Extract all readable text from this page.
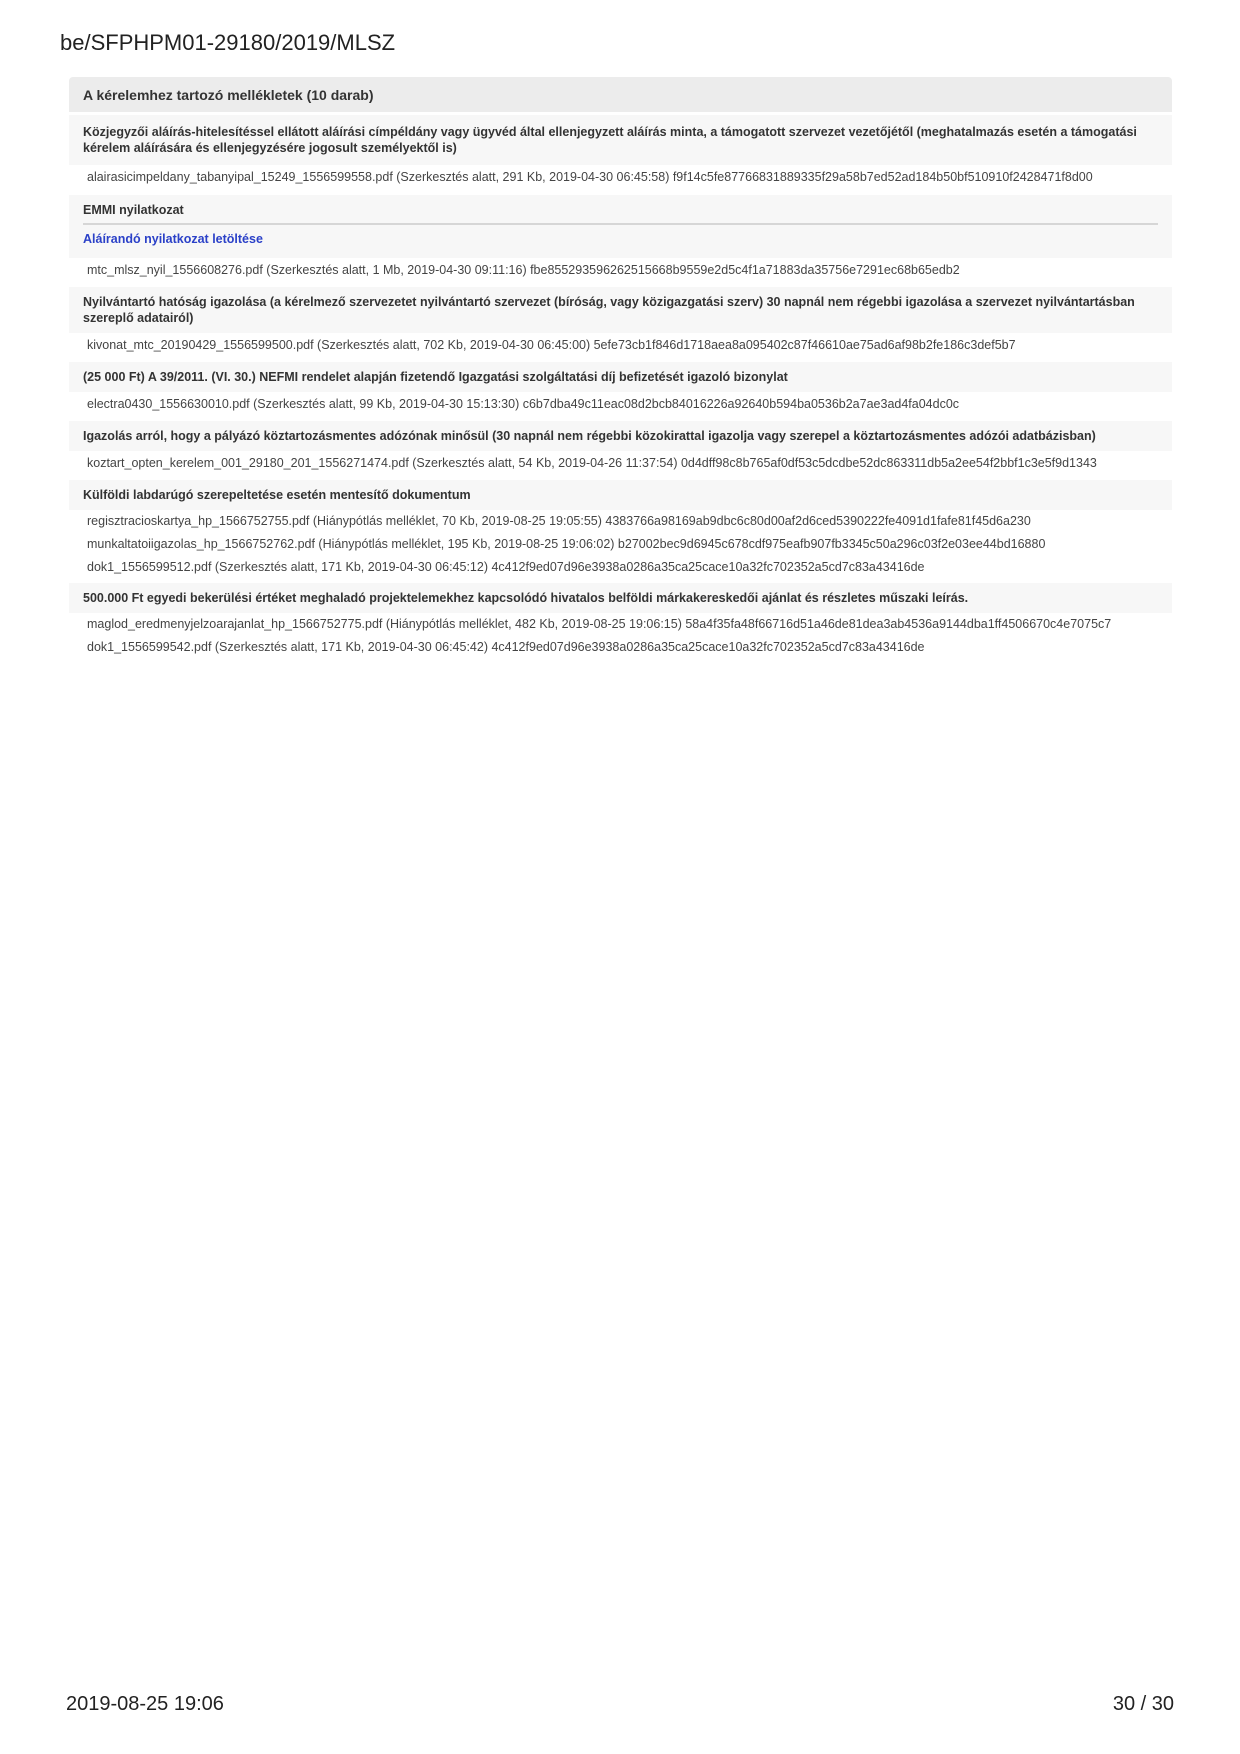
be/SFPHPM01-29180/2019/MLSZ
A kérelemhez tartozó mellékletek (10 darab)
Közjegyzői aláírás-hitelesítéssel ellátott aláírási címpéldány vagy ügyvéd által ellenjegyzett aláírás minta, a támogatott szervezet vezetőjétől (meghatalmazás esetén a támogatási kérelem aláírására és ellenjegyzésére jogosult személyektől is)
alairasicimpeldany_tabanyipal_15249_1556599558.pdf (Szerkesztés alatt, 291 Kb, 2019-04-30 06:45:58) f9f14c5fe87766831889335f29a58b7ed52ad184b50bf510910f2428471f8d00
EMMI nyilatkozat
Aláírandó nyilatkozat letöltése
mtc_mlsz_nyil_1556608276.pdf (Szerkesztés alatt, 1 Mb, 2019-04-30 09:11:16) fbe855293596262515668b9559e2d5c4f1a71883da35756e7291ec68b65edb2
Nyilvántartó hatóság igazolása (a kérelmező szervezetet nyilvántartó szervezet (bíróság, vagy közigazgatási szerv) 30 napnál nem régebbi igazolása a szervezet nyilvántartásban szereplő adatairól)
kivonat_mtc_20190429_1556599500.pdf (Szerkesztés alatt, 702 Kb, 2019-04-30 06:45:00) 5efe73cb1f846d1718aea8a095402c87f46610ae75ad6af98b2fe186c3def5b7
(25 000 Ft) A 39/2011. (VI. 30.) NEFMI rendelet alapján fizetendő Igazgatási szolgáltatási díj befizetését igazoló bizonylat
electra0430_1556630010.pdf (Szerkesztés alatt, 99 Kb, 2019-04-30 15:13:30) c6b7dba49c11eac08d2bcb84016226a92640b594ba0536b2a7ae3ad4fa04dc0c
Igazolás arról, hogy a pályázó köztartozásmentes adózónak minősül (30 napnál nem régebbi közokirattal igazolja vagy szerepel a köztartozásmentes adózói adatbázisban)
koztart_opten_kerelem_001_29180_201_1556271474.pdf (Szerkesztés alatt, 54 Kb, 2019-04-26 11:37:54) 0d4dff98c8b765af0df53c5dcdbe52dc863311db5a2ee54f2bbf1c3e5f9d1343
Külföldi labdarúgó szerepeltetése esetén mentesítő dokumentum
regisztracioskartya_hp_1566752755.pdf (Hiánypótlás melléklet, 70 Kb, 2019-08-25 19:05:55) 4383766a98169ab9dbc6c80d00af2d6ced5390222fe4091d1fafe81f45d6a230
munkaltatoiigazolas_hp_1566752762.pdf (Hiánypótlás melléklet, 195 Kb, 2019-08-25 19:06:02) b27002bec9d6945c678cdf975eafb907fb3345c50a296c03f2e03ee44bd16880
dok1_1556599512.pdf (Szerkesztés alatt, 171 Kb, 2019-04-30 06:45:12) 4c412f9ed07d96e3938a0286a35ca25cace10a32fc702352a5cd7c83a43416de
500.000 Ft egyedi bekerülési értéket meghaladó projektelemekhez kapcsolódó hivatalos belföldi márkakereskedői ajánlat és részletes műszaki leírás.
maglod_eredmenyjelzoarajanlat_hp_1566752775.pdf (Hiánypótlás melléklet, 482 Kb, 2019-08-25 19:06:15) 58a4f35fa48f66716d51a46de81dea3ab4536a9144dba1ff4506670c4e7075c7
dok1_1556599542.pdf (Szerkesztés alatt, 171 Kb, 2019-04-30 06:45:42) 4c412f9ed07d96e3938a0286a35ca25cace10a32fc702352a5cd7c83a43416de
2019-08-25 19:06	30 / 30
